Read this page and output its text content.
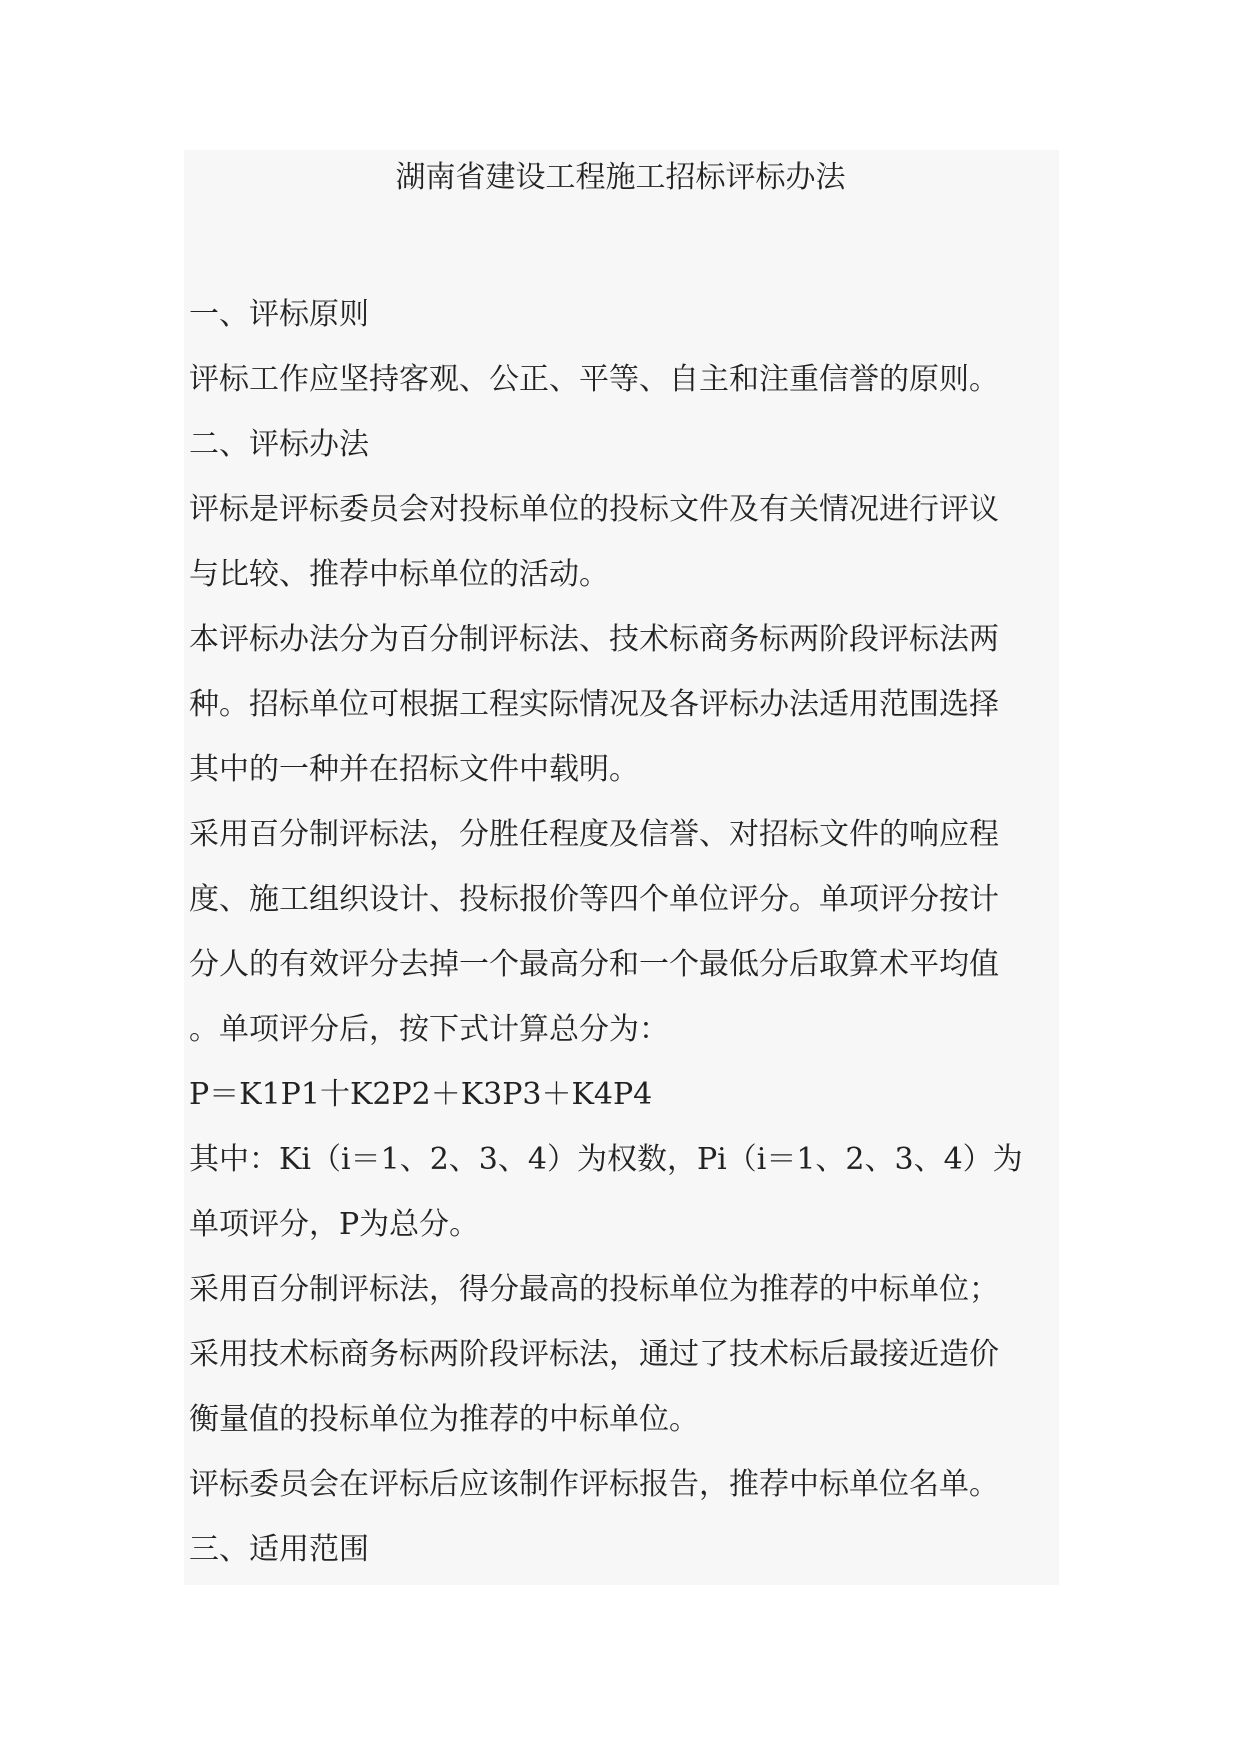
湖南省建设工程施工招标评标办法
一、评标原则
评标工作应坚持客观、公正、平等、自主和注重信誉的原则。
二、评标办法
评标是评标委员会对投标单位的投标文件及有关情况进行评议
与比较、推荐中标单位的活动。
本评标办法分为百分制评标法、技术标商务标两阶段评标法两
种。招标单位可根据工程实际情况及各评标办法适用范围选择
其中的一种并在招标文件中载明。
采用百分制评标法，分胜任程度及信誉、对招标文件的响应程
度、施工组织设计、投标报价等四个单位评分。单项评分按计
分人的有效评分去掉一个最高分和一个最低分后取算术平均值
。单项评分后，按下式计算总分为：
P＝K1P1十K2P2＋K3P3＋K4P4
其中：Ki（i＝1、2、3、4）为权数，Pi（i＝1、2、3、4）为
单项评分，P为总分。
采用百分制评标法，得分最高的投标单位为推荐的中标单位；
采用技术标商务标两阶段评标法，通过了技术标后最接近造价
衡量值的投标单位为推荐的中标单位。
评标委员会在评标后应该制作评标报告，推荐中标单位名单。
三、适用范围
